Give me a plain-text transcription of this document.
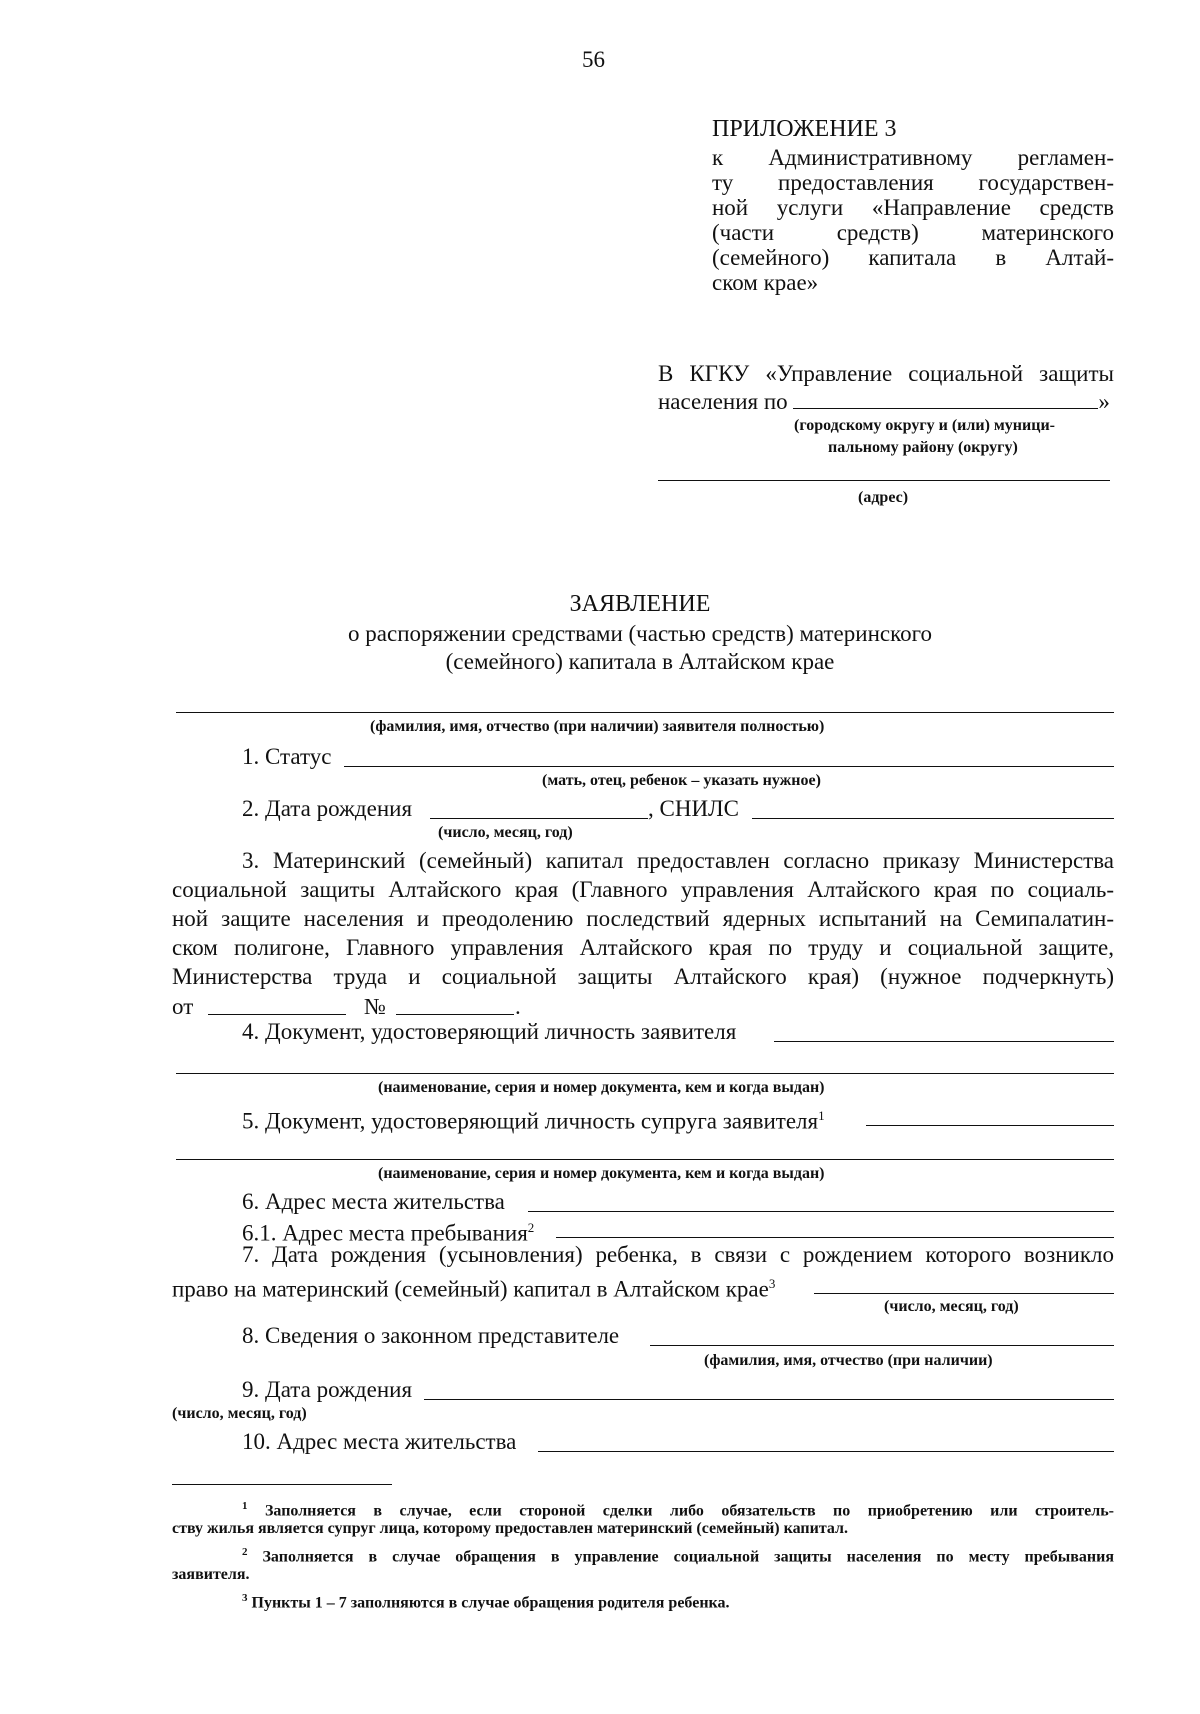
56
ПРИЛОЖЕНИЕ 3
к Административному регламен-
ту предоставления государствен-
ной услуги «Направление средств
(части средств) материнского
(семейного) капитала в Алтай-
ском крае»
В КГКУ «Управление социальной защиты
населения по	»
(городскому округу и (или) муници-
пальному району (округу)
(адрес)
ЗАЯВЛЕНИЕ
о распоряжении средствами (частью средств) материнского
(семейного) капитала в Алтайском крае
(фамилия, имя, отчество (при наличии) заявителя полностью)
1. Статус
(мать, отец, ребенок – указать нужное)
2. Дата рождения	, СНИЛС
(число, месяц, год)
3. Материнский (семейный) капитал предоставлен согласно приказу Министерства
социальной защиты Алтайского края (Главного управления Алтайского края по социаль-
ной защите населения и преодолению последствий ядерных испытаний на Семипалатин-
ском полигоне, Главного управления Алтайского края по труду и социальной защите,
Министерства труда и социальной защиты Алтайского края) (нужное подчеркнуть)
от	№	.
4. Документ, удостоверяющий личность заявителя
(наименование, серия и номер документа, кем и когда выдан)
5. Документ, удостоверяющий личность супруга заявителя$^1$
(наименование, серия и номер документа, кем и когда выдан)
6. Адрес места жительства
6.1. Адрес места пребывания$^2$
7. Дата рождения (усыновления) ребенка, в связи с рождением которого возникло
право на материнский (семейный) капитал в Алтайском крае$^3$
(число, месяц, год)
8. Сведения о законном представителе
(фамилия, имя, отчество (при наличии)
9. Дата рождения
(число, месяц, год)
10. Адрес места жительства
$^1$ Заполняется в случае, если стороной сделки либо обязательств по приобретению или строитель-
ству жилья является супруг лица, которому предоставлен материнский (семейный) капитал.
$^2$ Заполняется в случае обращения в управление социальной защиты населения по месту пребывания
заявителя.
$^3$ Пункты 1 – 7 заполняются в случае обращения родителя ребенка.
